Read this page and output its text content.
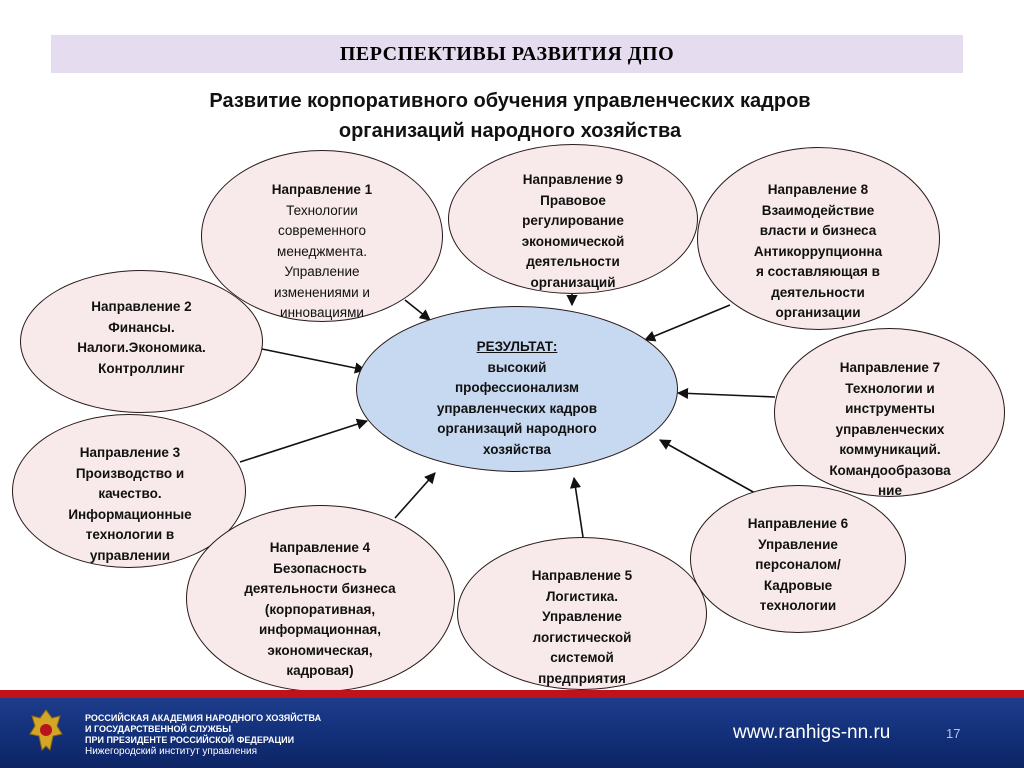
ПЕРСПЕКТИВЫ РАЗВИТИЯ ДПО
Развитие корпоративного обучения управленческих кадров
организаций народного хозяйства
Направление 1
Технологии
современного
менеджмента.
Управление
изменениями и
инновациями
Направление 9
Правовое
регулирование
экономической
деятельности
организаций
Направление 8
Взаимодействие
власти и бизнеса
Антикоррупционна
я составляющая в
деятельности
организации
Направление 2
Финансы.
Налоги.Экономика.
Контроллинг
РЕЗУЛЬТАТ:
высокий
профессионализм
управленческих кадров
организаций народного
хозяйства
Направление 7
Технологии и
инструменты
управленческих
коммуникаций.
Командообразова
ние
Направление 3
Производство и
качество.
Информационные
технологии в
управлении
Направление 6
Управление
персоналом/
Кадровые
технологии
Направление 4
Безопасность
деятельности бизнеса
(корпоративная,
информационная,
экономическая,
кадровая)
Направление 5
Логистика.
Управление
логистической
системой
предприятия
РОССИЙСКАЯ АКАДЕМИЯ НАРОДНОГО ХОЗЯЙСТВА
И ГОСУДАРСТВЕННОЙ СЛУЖБЫ
ПРИ ПРЕЗИДЕНТЕ РОССИЙСКОЙ ФЕДЕРАЦИИ
Нижегородский институт управления
www.ranhigs-nn.ru	17
